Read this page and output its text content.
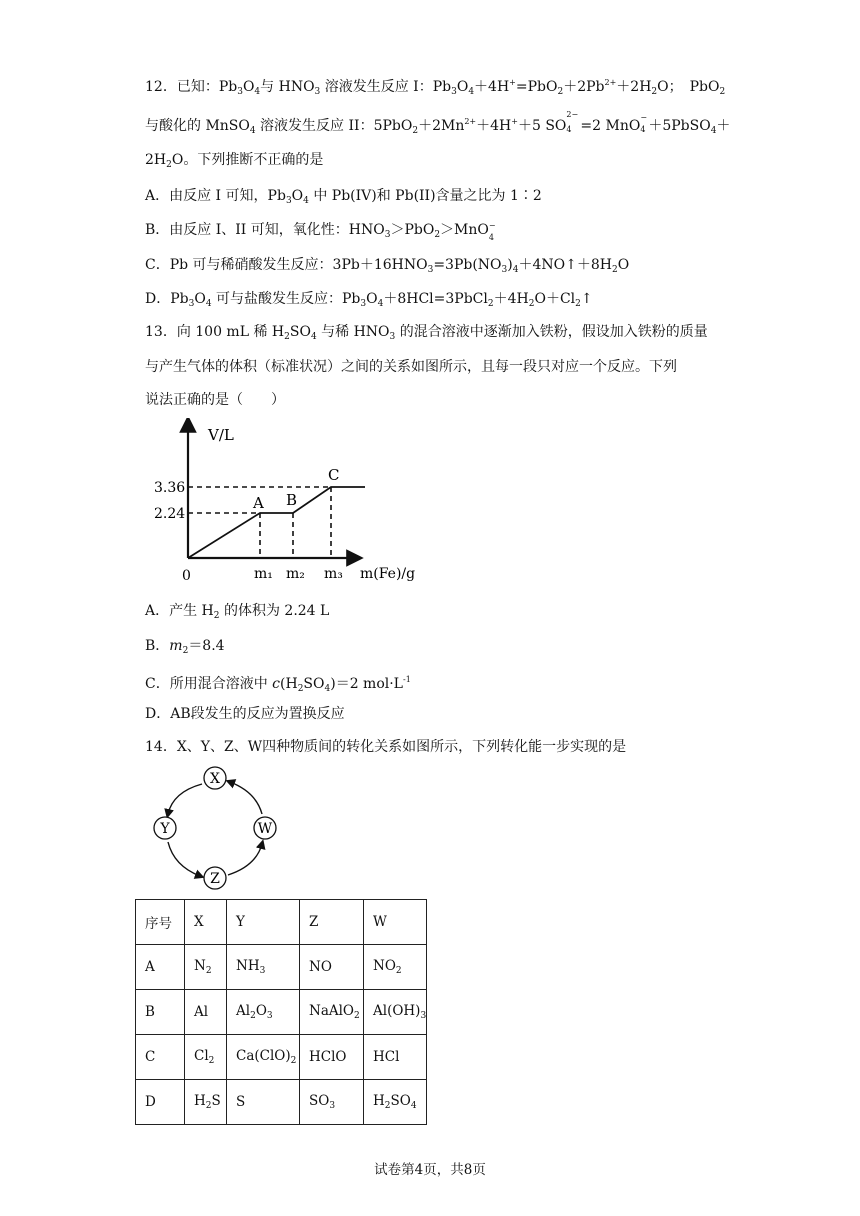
12．已知：$Pb_3O_4$与 $HNO_3$ 溶液发生反应 I：$Pb_3O_4+4H^+=PbO_2+2Pb^{2+}+2H_2O$；　PbO$_2$
与酸化的 MnSO$_4$ 溶液发生反应 II：$5PbO_2+2Mn^{2+}+4H^++5$ SO
2−
4 =2 MnO
−
4 ＋5PbSO$_4$＋
$2H_2O$。下列推断不正确的是
A．由反应 I 可知，$Pb_3O_4$ 中 Pb(IV)和 Pb(II)含量之比为 1∶2
B．由反应 I、II 可知，氧化性：$HNO_3>PbO_2>MnO$ −
4
C．Pb 可与稀硝酸发生反应：$3Pb+16HNO_3=3Pb(NO_3)_4+4NO↑+8H_2O$
D．$Pb_3O_4$ 可与盐酸发生反应：$Pb_3O_4+8HCl=3PbCl_2+4H_2O+Cl_2↑$
13．向 100 mL 稀 $H_2SO_4$ 与稀 $HNO_3$ 的混合溶液中逐渐加入铁粉，假设加入铁粉的质量
与产生气体的体积（标准状况）之间的关系如图所示，且每一段只对应一个反应。下列
说法正确的是（　　）
V/L
3.36
2.24
A B
C
0	m₁ m₂ m₃ m(Fe)/g
A．产生 $H_2$ 的体积为 2.24 L
B．$m_2=8.4$
C．所用混合溶液中 $c(H_2SO_4)=2$ $mol\cdot L^{-1}$
D．AB段发生的反应为置换反应
14．X、Y、Z、W四种物质间的转化关系如图所示，下列转化能一步实现的是
X
Y
Z
W
序号	X	Y	Z	W
A	$N_2$	$NH_3$	NO	$NO_2$
B	Al	$Al_2O_3$	NaAlO$_2$	$Al(OH)_3$
C	$Cl_2$	$Ca(ClO)_2$	HClO	HCl
D	$H_2S$	S	$SO_3$	$H_2SO_4$
试卷第4页，共8页
